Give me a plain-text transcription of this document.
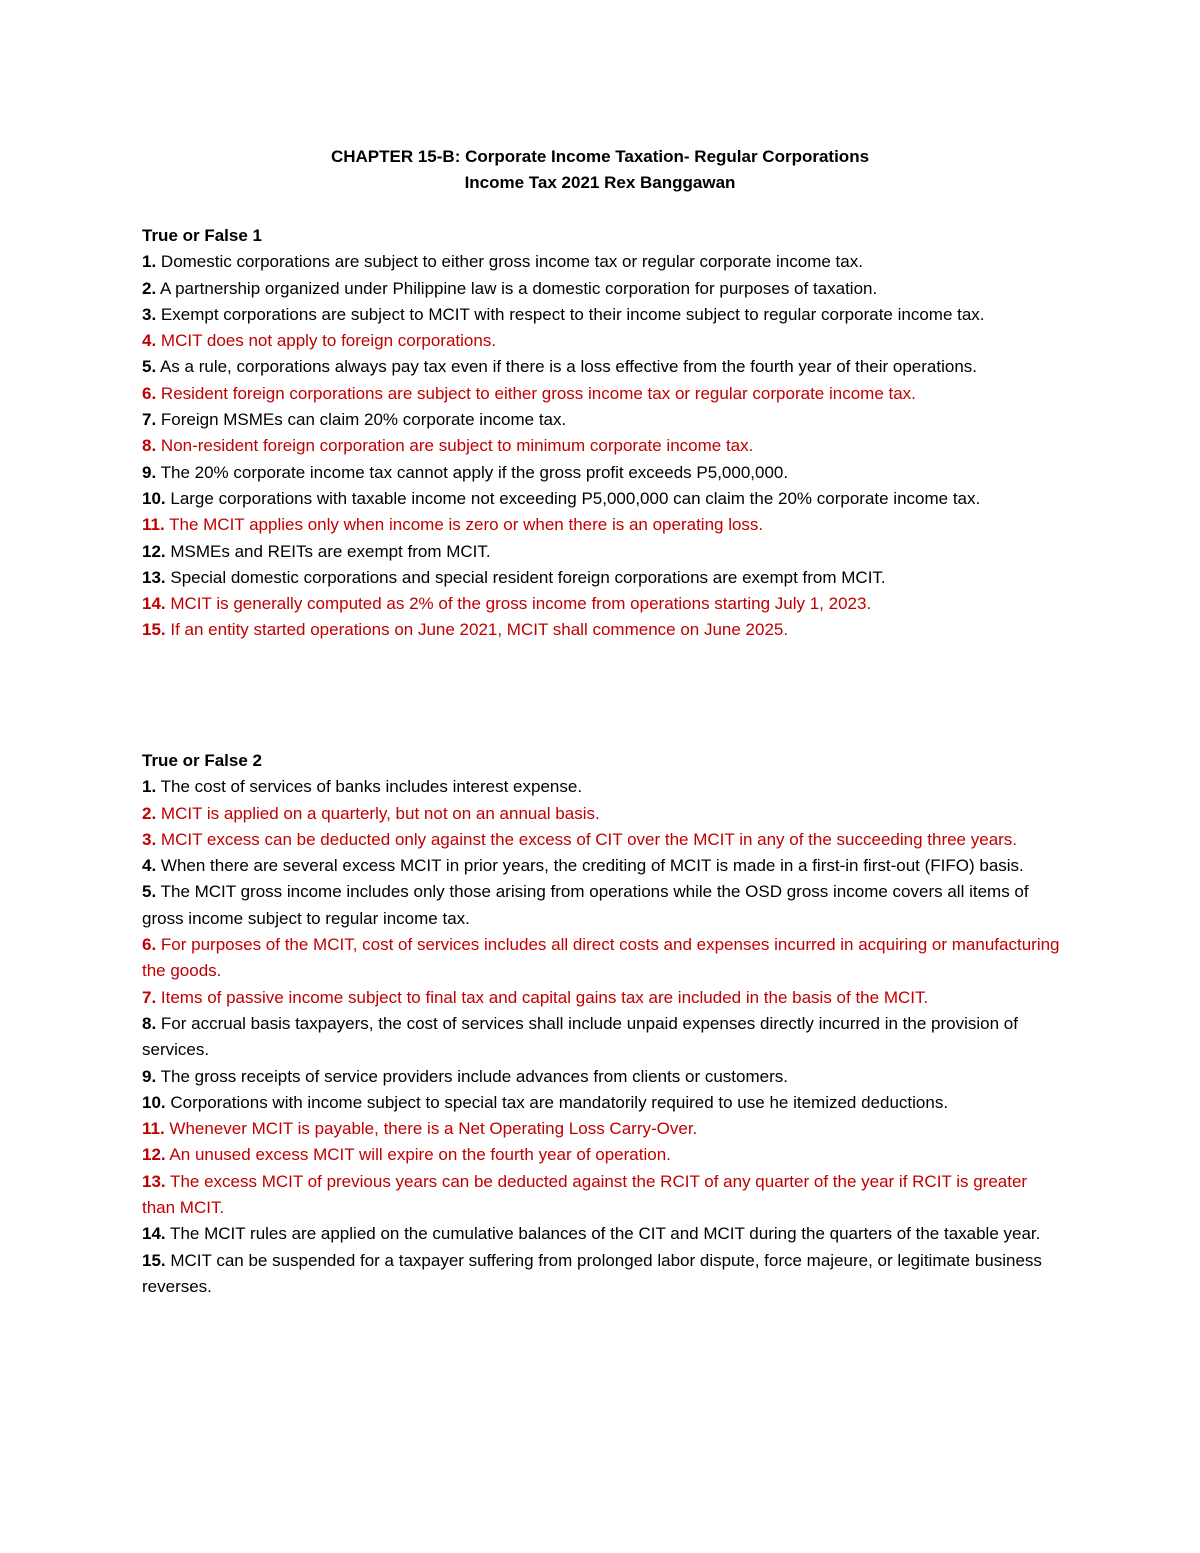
CHAPTER 15-B: Corporate Income Taxation- Regular Corporations
Income Tax 2021 Rex Banggawan

True or False 1

1. Domestic corporations are subject to either gross income tax or regular corporate income tax.

2. A partnership organized under Philippine law is a domestic corporation for purposes of taxation.

3. Exempt corporations are subject to MCIT with respect to their income subject to regular corporate income tax.

4. MCIT does not apply to foreign corporations.

5. As a rule, corporations always pay tax even if there is a loss effective from the fourth year of their operations.

6. Resident foreign corporations are subject to either gross income tax or regular corporate income tax.

7. Foreign MSMEs can claim 20% corporate income tax.

8. Non-resident foreign corporation are subject to minimum corporate income tax.

9. The 20% corporate income tax cannot apply if the gross profit exceeds P5,000,000.

10. Large corporations with taxable income not exceeding P5,000,000 can claim the 20% corporate income tax.

11. The MCIT applies only when income is zero or when there is an operating loss.

12. MSMEs and REITs are exempt from MCIT.

13. Special domestic corporations and special resident foreign corporations are exempt from MCIT.

14. MCIT is generally computed as 2% of the gross income from operations starting July 1, 2023.

15. If an entity started operations on June 2021, MCIT shall commence on June 2025.

True or False 2

1. The cost of services of banks includes interest expense.

2. MCIT is applied on a quarterly, but not on an annual basis.

3. MCIT excess can be deducted only against the excess of CIT over the MCIT in any of the succeeding three years.

4. When there are several excess MCIT in prior years, the crediting of MCIT is made in a first-in first-out (FIFO) basis.

5. The MCIT gross income includes only those arising from operations while the OSD gross income covers all items of gross income subject to regular income tax.

6. For purposes of the MCIT, cost of services includes all direct costs and expenses incurred in acquiring or manufacturing the goods.

7. Items of passive income subject to final tax and capital gains tax are included in the basis of the MCIT.

8. For accrual basis taxpayers, the cost of services shall include unpaid expenses directly incurred in the provision of services.

9. The gross receipts of service providers include advances from clients or customers.

10. Corporations with income subject to special tax are mandatorily required to use he itemized deductions.

11. Whenever MCIT is payable, there is a Net Operating Loss Carry-Over.

12. An unused excess MCIT will expire on the fourth year of operation.

13. The excess MCIT of previous years can be deducted against the RCIT of any quarter of the year if RCIT is greater than MCIT.

14. The MCIT rules are applied on the cumulative balances of the CIT and MCIT during the quarters of the taxable year.

15. MCIT can be suspended for a taxpayer suffering from prolonged labor dispute, force majeure, or legitimate business reverses.
